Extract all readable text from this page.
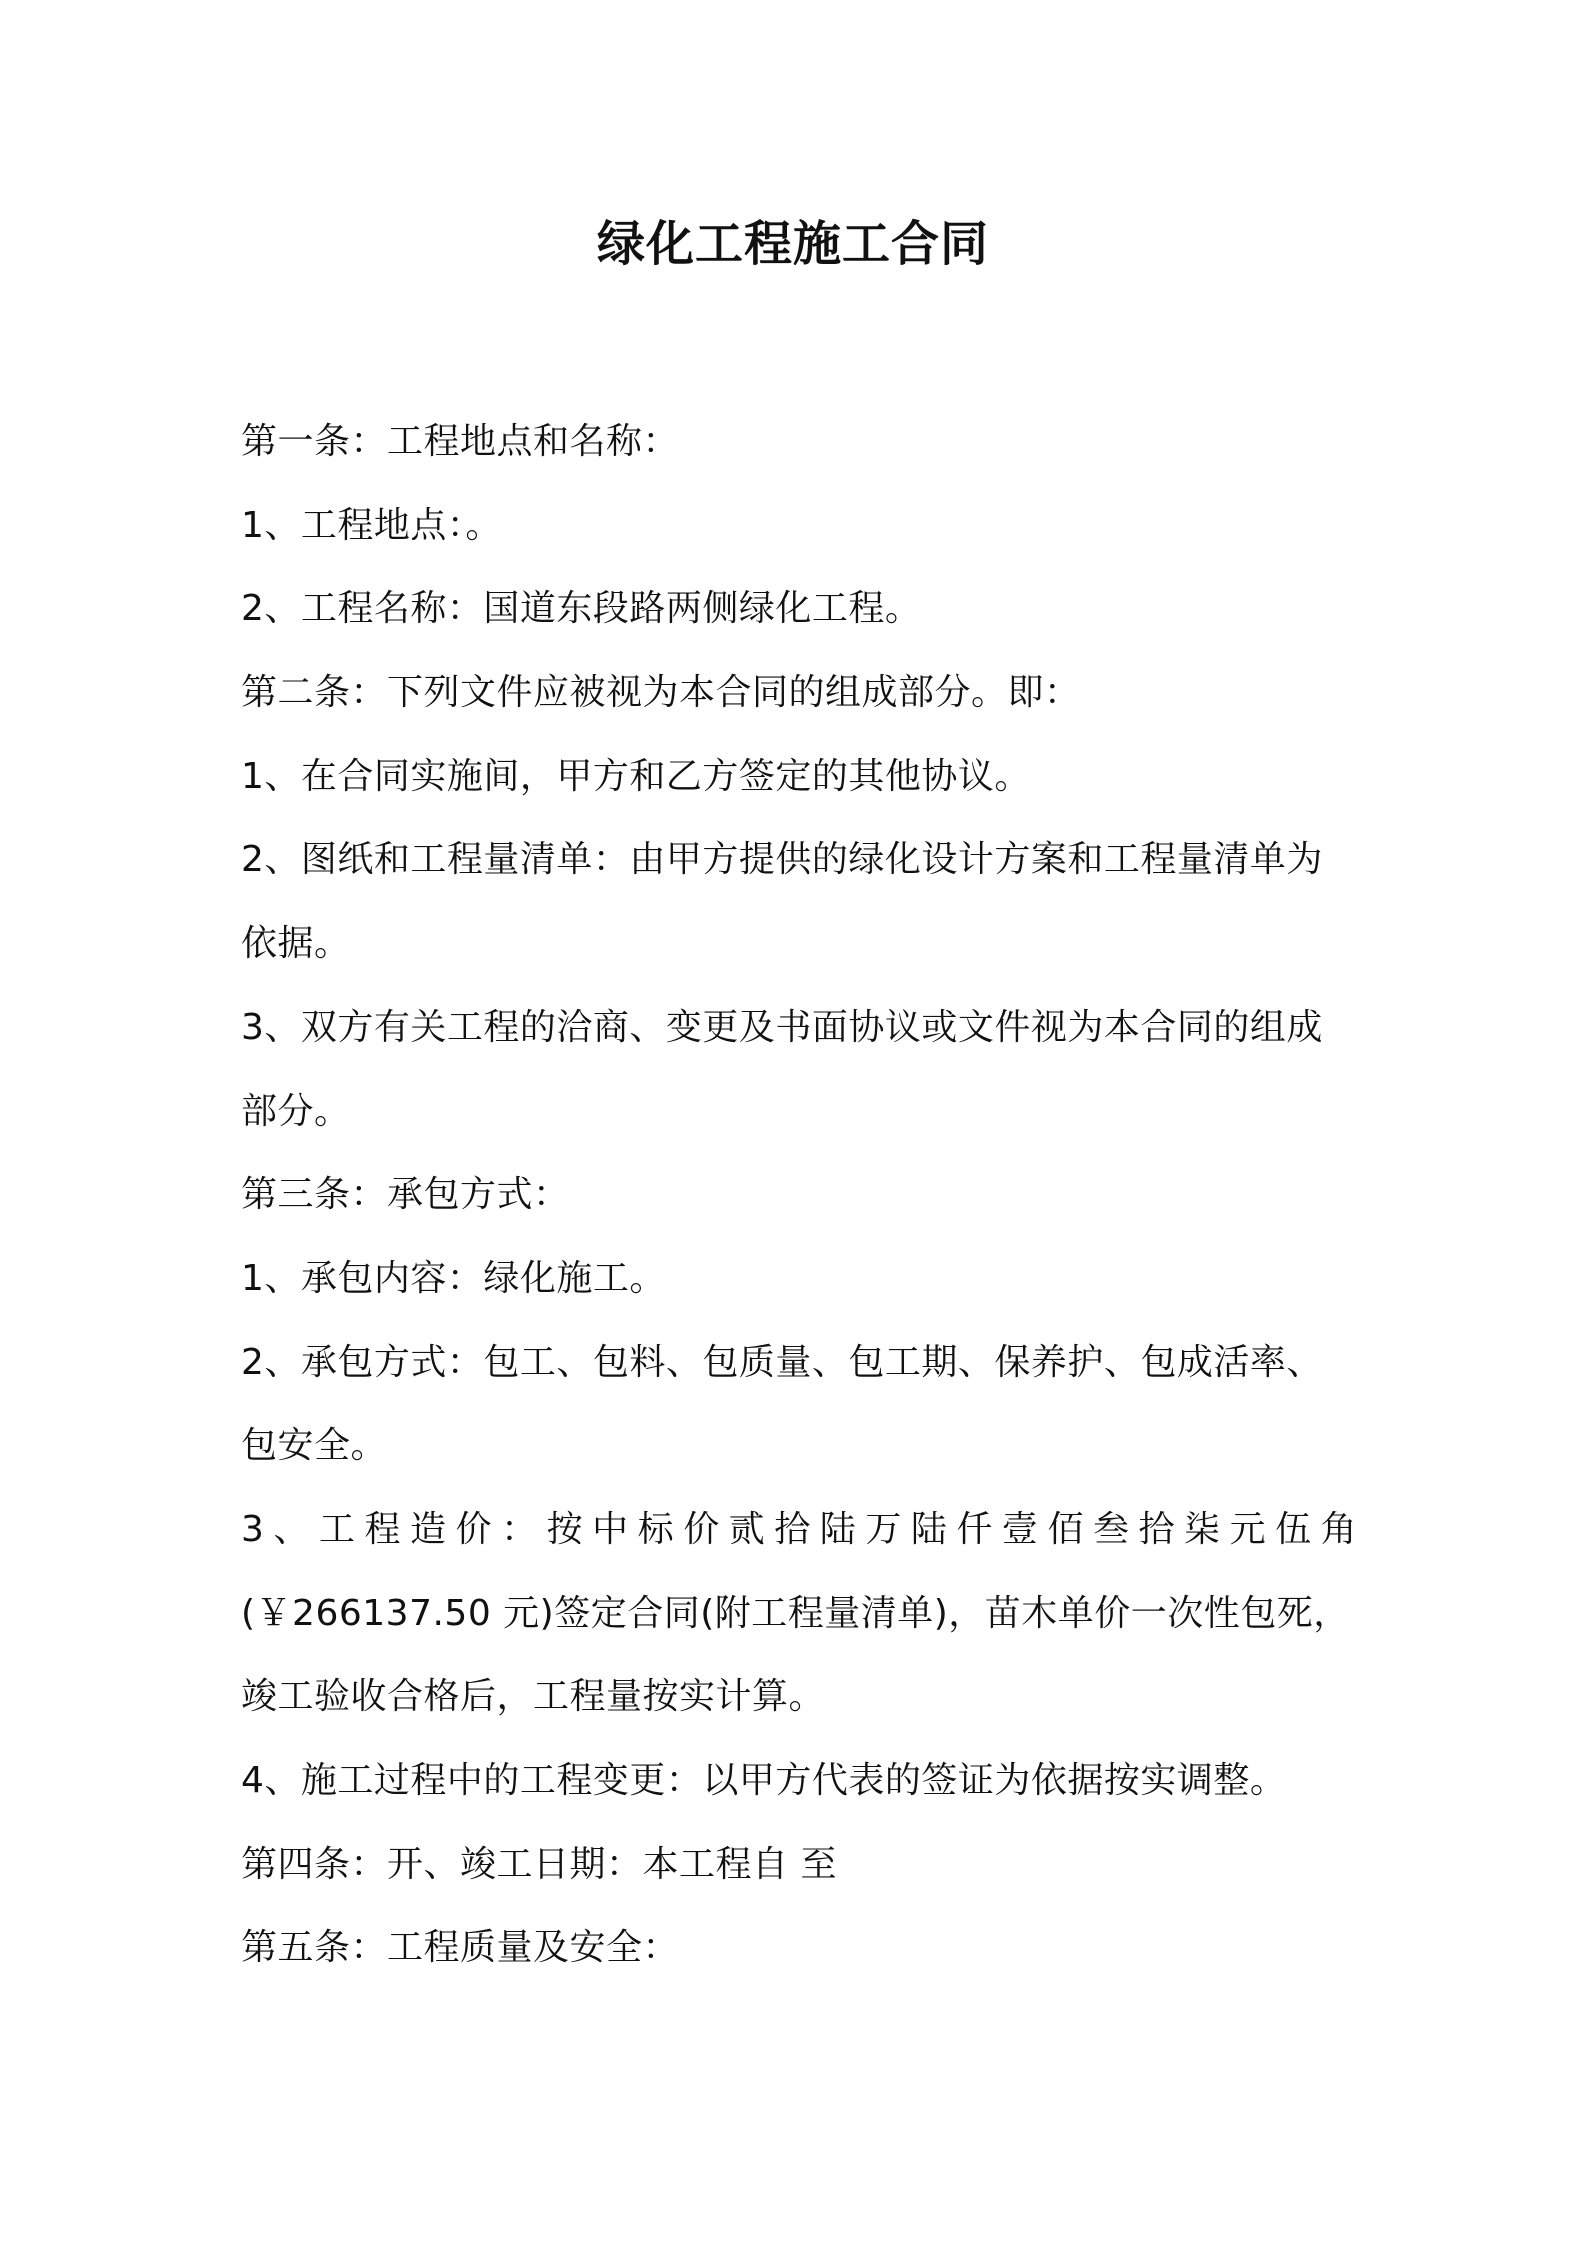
绿化工程施工合同

第一条：工程地点和名称：

1、工程地点：。

2、工程名称：国道东段路两侧绿化工程。

第二条：下列文件应被视为本合同的组成部分。即：

1、在合同实施间，甲方和乙方签定的其他协议。

2、图纸和工程量清单：由甲方提供的绿化设计方案和工程量清单为

依据。

3、双方有关工程的洽商、变更及书面协议或文件视为本合同的组成

部分。

第三条：承包方式：

1、承包内容：绿化施工。

2、承包方式：包工、包料、包质量、包工期、保养护、包成活率、

包安全。

3 、 工 程 造 价 ： 按 中 标 价 贰 拾 陆 万 陆 仟 壹 佰 叁 拾 柒 元 伍 角

(￥266137.50 元)签定合同(附工程量清单)，苗木单价一次性包死，

竣工验收合格后，工程量按实计算。

4、施工过程中的工程变更：以甲方代表的签证为依据按实调整。

第四条：开、竣工日期：本工程自 至

第五条：工程质量及安全：
